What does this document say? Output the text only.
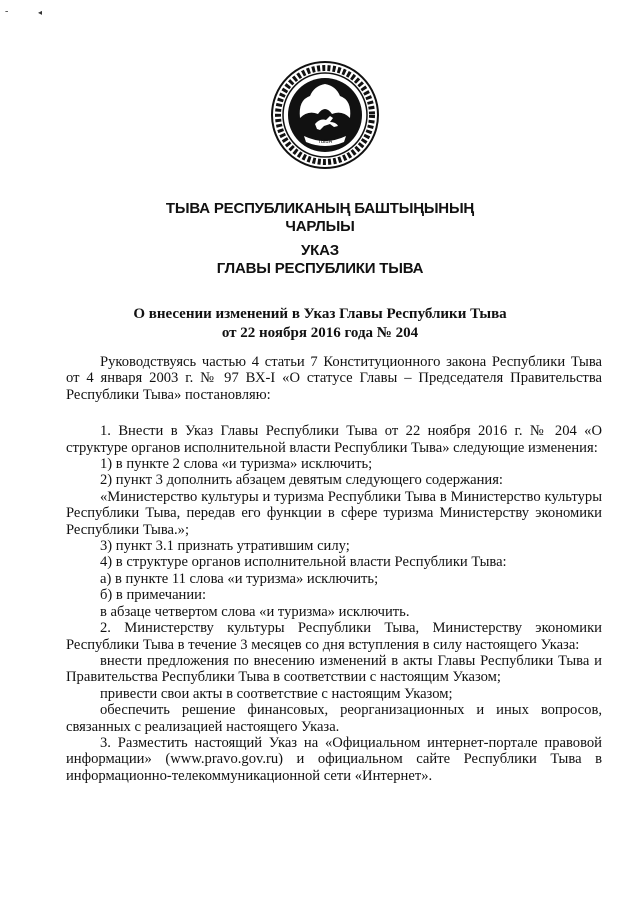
-	◂
ТЫВА
ТЫВА РЕСПУБЛИКАНЫҢ БАШТЫҢЫНЫҢ
ЧАРЛЫЫ
УКАЗ
ГЛАВЫ РЕСПУБЛИКИ ТЫВА
О внесении изменений в Указ Главы Республики Тыва
от 22 ноября 2016 года № 204

Руководствуясь частью 4 статьи 7 Конституционного закона Республики Тыва от 4 января 2003 г. № 97 ВХ-I «О статусе Главы – Председателя Правительства Республики Тыва» постановляю:

1. Внести в Указ Главы Республики Тыва от 22 ноября 2016 г. № 204 «О структуре органов исполнительной власти Республики Тыва» следующие изменения:

1) в пункте 2 слова «и туризма» исключить;

2) пункт 3 дополнить абзацем девятым следующего содержания:

«Министерство культуры и туризма Республики Тыва в Министерство культуры Республики Тыва, передав его функции в сфере туризма Министерству экономики Республики Тыва.»;

3) пункт 3.1 признать утратившим силу;

4) в структуре органов исполнительной власти Республики Тыва:

а) в пункте 11 слова «и туризма» исключить;

б) в примечании:

в абзаце четвертом слова «и туризма» исключить.

2. Министерству культуры Республики Тыва, Министерству экономики Республики Тыва в течение 3 месяцев со дня вступления в силу настоящего Указа:

внести предложения по внесению изменений в акты Главы Республики Тыва и Правительства Республики Тыва в соответствии с настоящим Указом;

привести свои акты в соответствие с настоящим Указом;

обеспечить решение финансовых, реорганизационных и иных вопросов, связанных с реализацией настоящего Указа.

3. Разместить настоящий Указ на «Официальном интернет-портале правовой информации» (www.pravo.gov.ru) и официальном сайте Республики Тыва в информационно-телекоммуникационной сети «Интернет».
